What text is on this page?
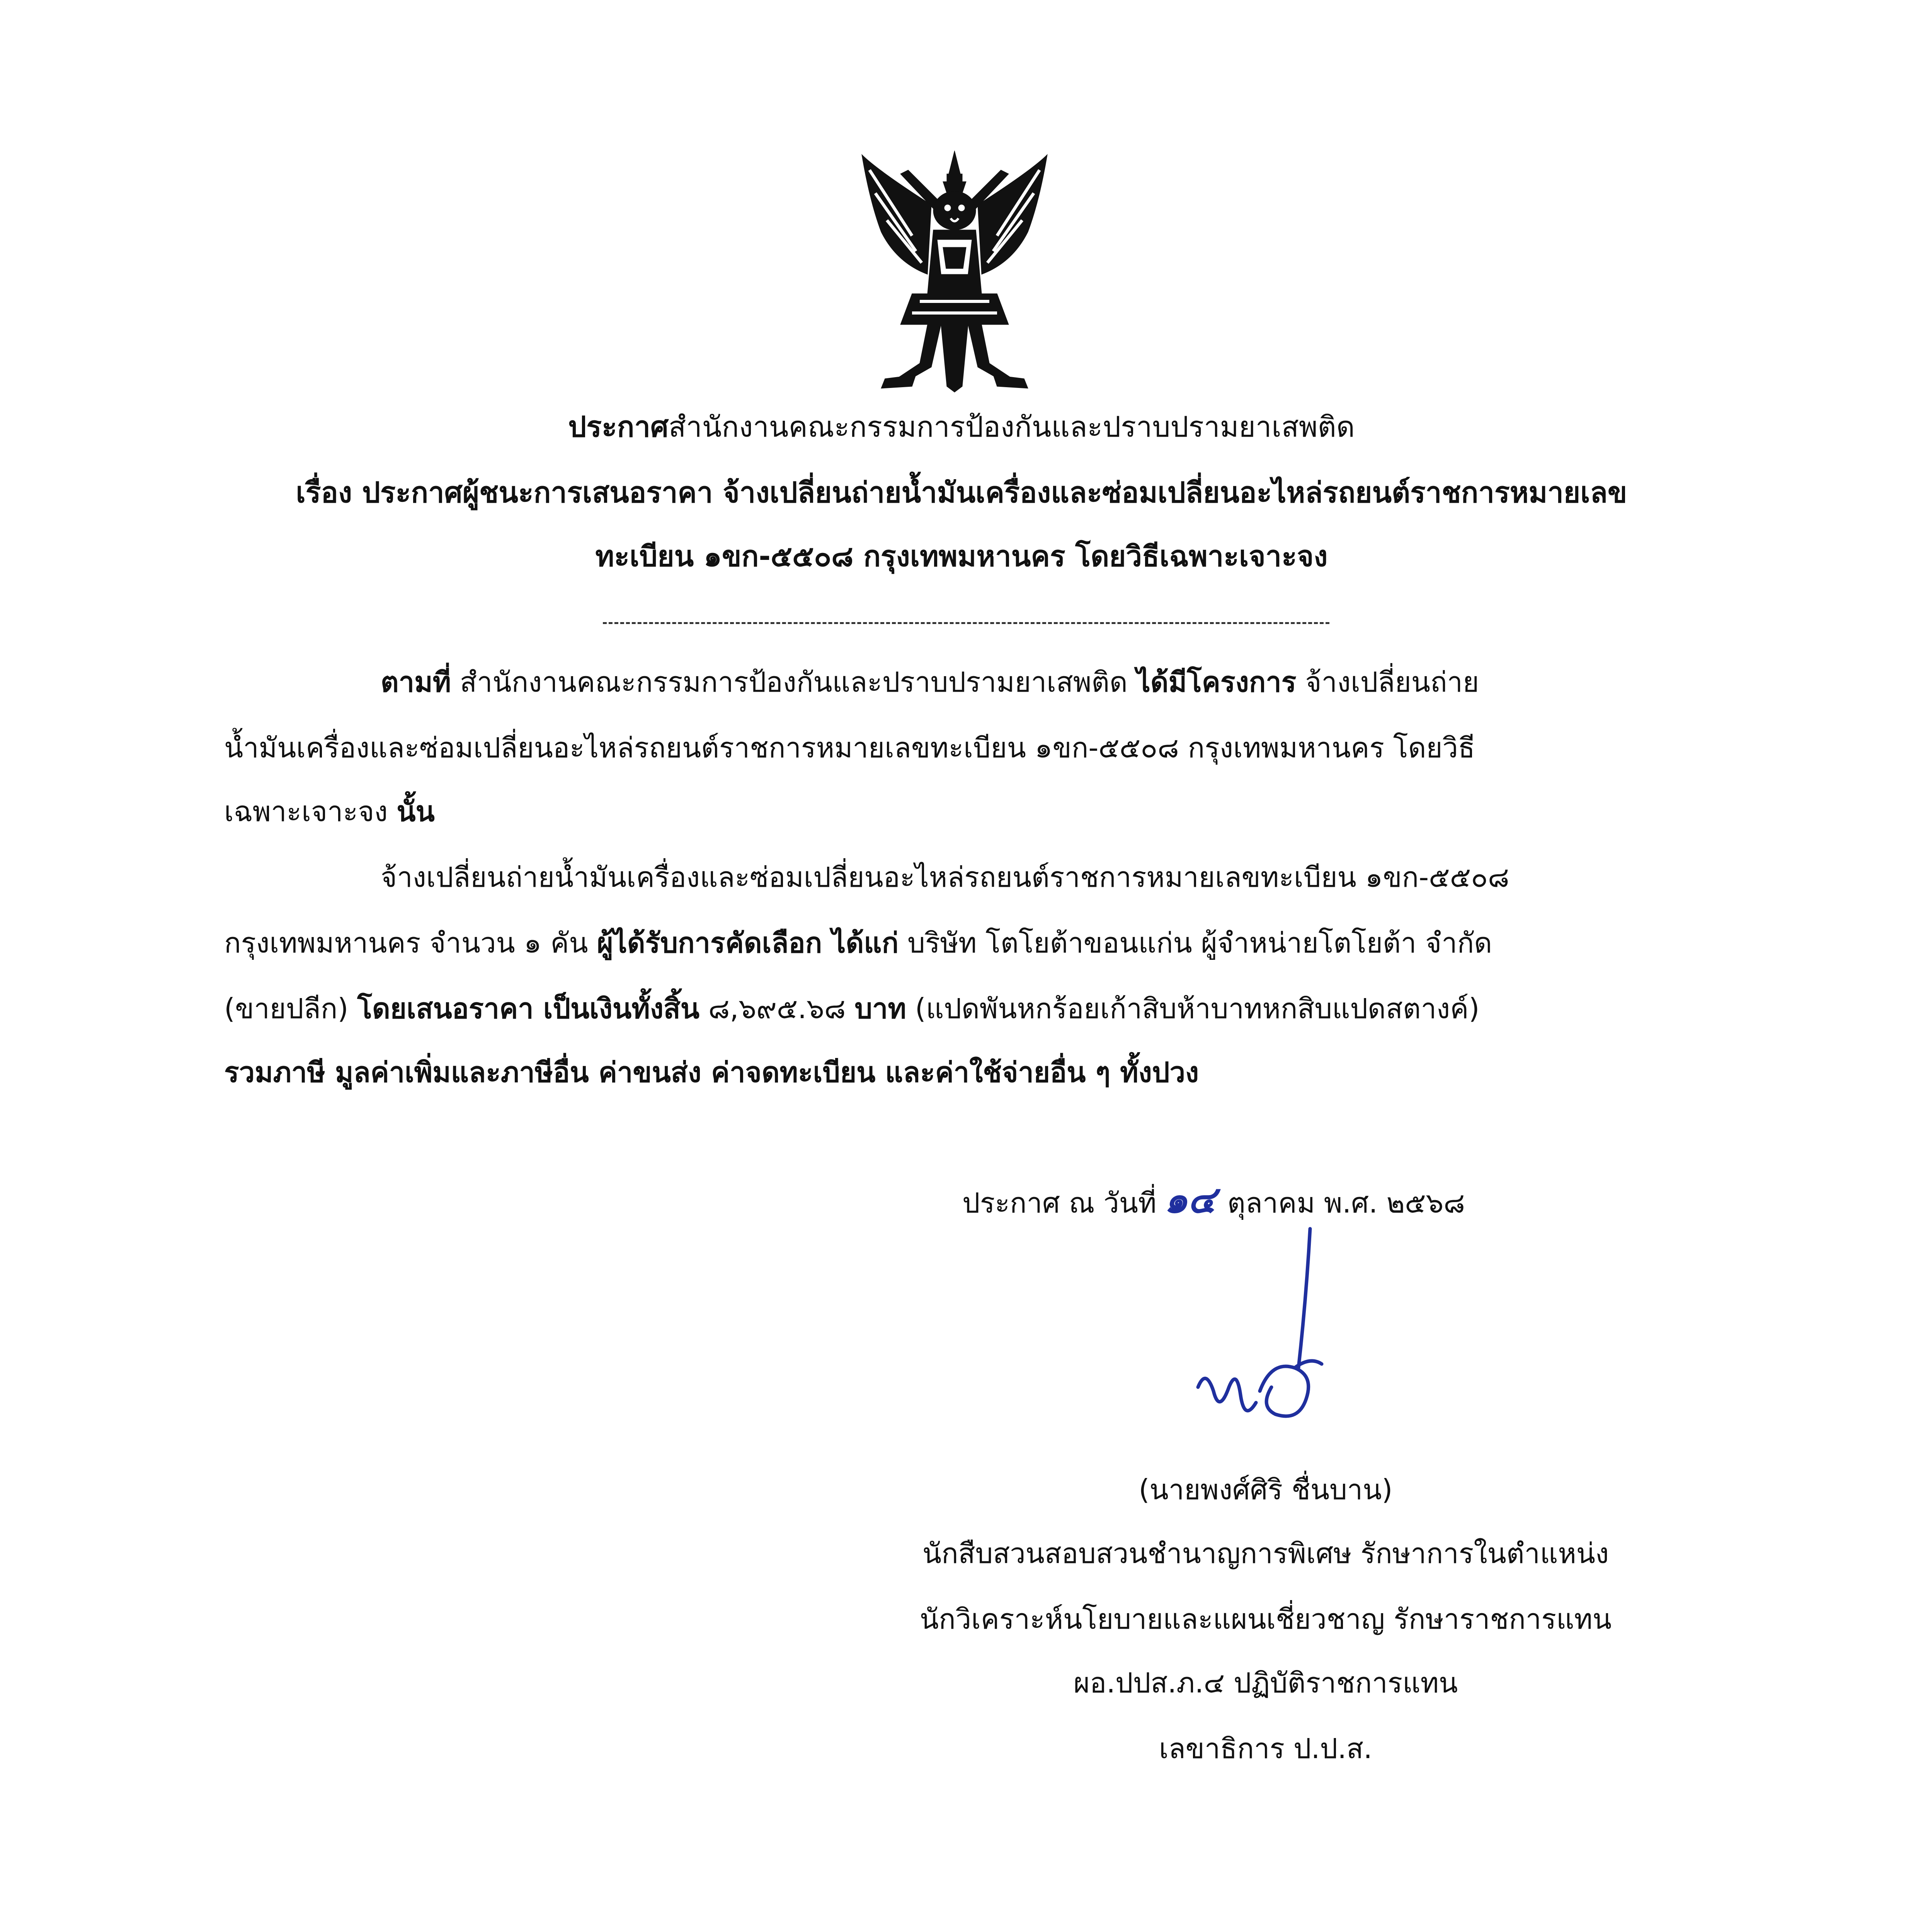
ประกาศสำนักงานคณะกรรมการป้องกันและปราบปรามยาเสพติด
เรื่อง ประกาศผู้ชนะการเสนอราคา จ้างเปลี่ยนถ่ายน้ำมันเครื่องและซ่อมเปลี่ยนอะไหล่รถยนต์ราชการหมายเลข
ทะเบียน ๑ขก-๕๕๐๘ กรุงเทพมหานคร โดยวิธีเฉพาะเจาะจง
ตามที่ สำนักงานคณะกรรมการป้องกันและปราบปรามยาเสพติด ได้มีโครงการ จ้างเปลี่ยนถ่าย
น้ำมันเครื่องและซ่อมเปลี่ยนอะไหล่รถยนต์ราชการหมายเลขทะเบียน ๑ขก-๕๕๐๘ กรุงเทพมหานคร โดยวิธี
เฉพาะเจาะจง นั้น
จ้างเปลี่ยนถ่ายน้ำมันเครื่องและซ่อมเปลี่ยนอะไหล่รถยนต์ราชการหมายเลขทะเบียน ๑ขก-๕๕๐๘
กรุงเทพมหานคร จำนวน ๑ คัน ผู้ได้รับการคัดเลือก ได้แก่ บริษัท โตโยต้าขอนแก่น ผู้จำหน่ายโตโยต้า จำกัด
(ขายปลีก) โดยเสนอราคา เป็นเงินทั้งสิ้น ๘,๖๙๕.๖๘ บาท (แปดพันหกร้อยเก้าสิบห้าบาทหกสิบแปดสตางค์)
รวมภาษี มูลค่าเพิ่มและภาษีอื่น ค่าขนส่ง ค่าจดทะเบียน และค่าใช้จ่ายอื่น ๆ ทั้งปวง
ประกาศ ณ วันที่ ๑๔ ตุลาคม พ.ศ. ๒๕๖๘
(นายพงศ์ศิริ ชื่นบาน)
นักสืบสวนสอบสวนชำนาญการพิเศษ รักษาการในตำแหน่ง
นักวิเคราะห์นโยบายและแผนเชี่ยวชาญ รักษาราชการแทน
ผอ.ปปส.ภ.๔ ปฏิบัติราชการแทน
เลขาธิการ ป.ป.ส.
